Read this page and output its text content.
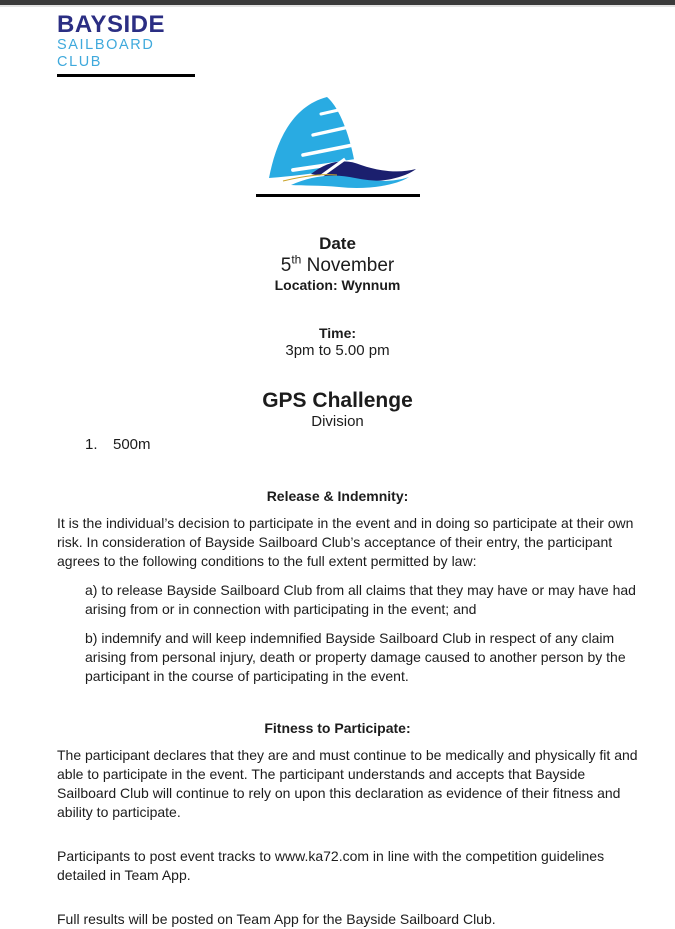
BAYSIDE
SAILBOARD CLUB
Date
5th November
Location: Wynnum
Time:
3pm to 5.00 pm
GPS Challenge
Division
1.	500m
Release & Indemnity:

It is the individual’s decision to participate in the event and in doing so participate at their own risk. In consideration of Bayside Sailboard Club’s acceptance of their entry, the participant agrees to the following conditions to the full extent permitted by law:

a) to release Bayside Sailboard Club from all claims that they may have or may have had arising from or in connection with participating in the event; and

b) indemnify and will keep indemnified Bayside Sailboard Club in respect of any claim arising from personal injury, death or property damage caused to another person by the participant in the course of participating in the event.

Fitness to Participate:

The participant declares that they are and must continue to be medically and physically fit and able to participate in the event. The participant understands and accepts that Bayside Sailboard Club will continue to rely on upon this declaration as evidence of their fitness and ability to participate.

Participants to post event tracks to www.ka72.com in line with the competition guidelines detailed in Team App.

Full results will be posted on Team App for the Bayside Sailboard Club.
